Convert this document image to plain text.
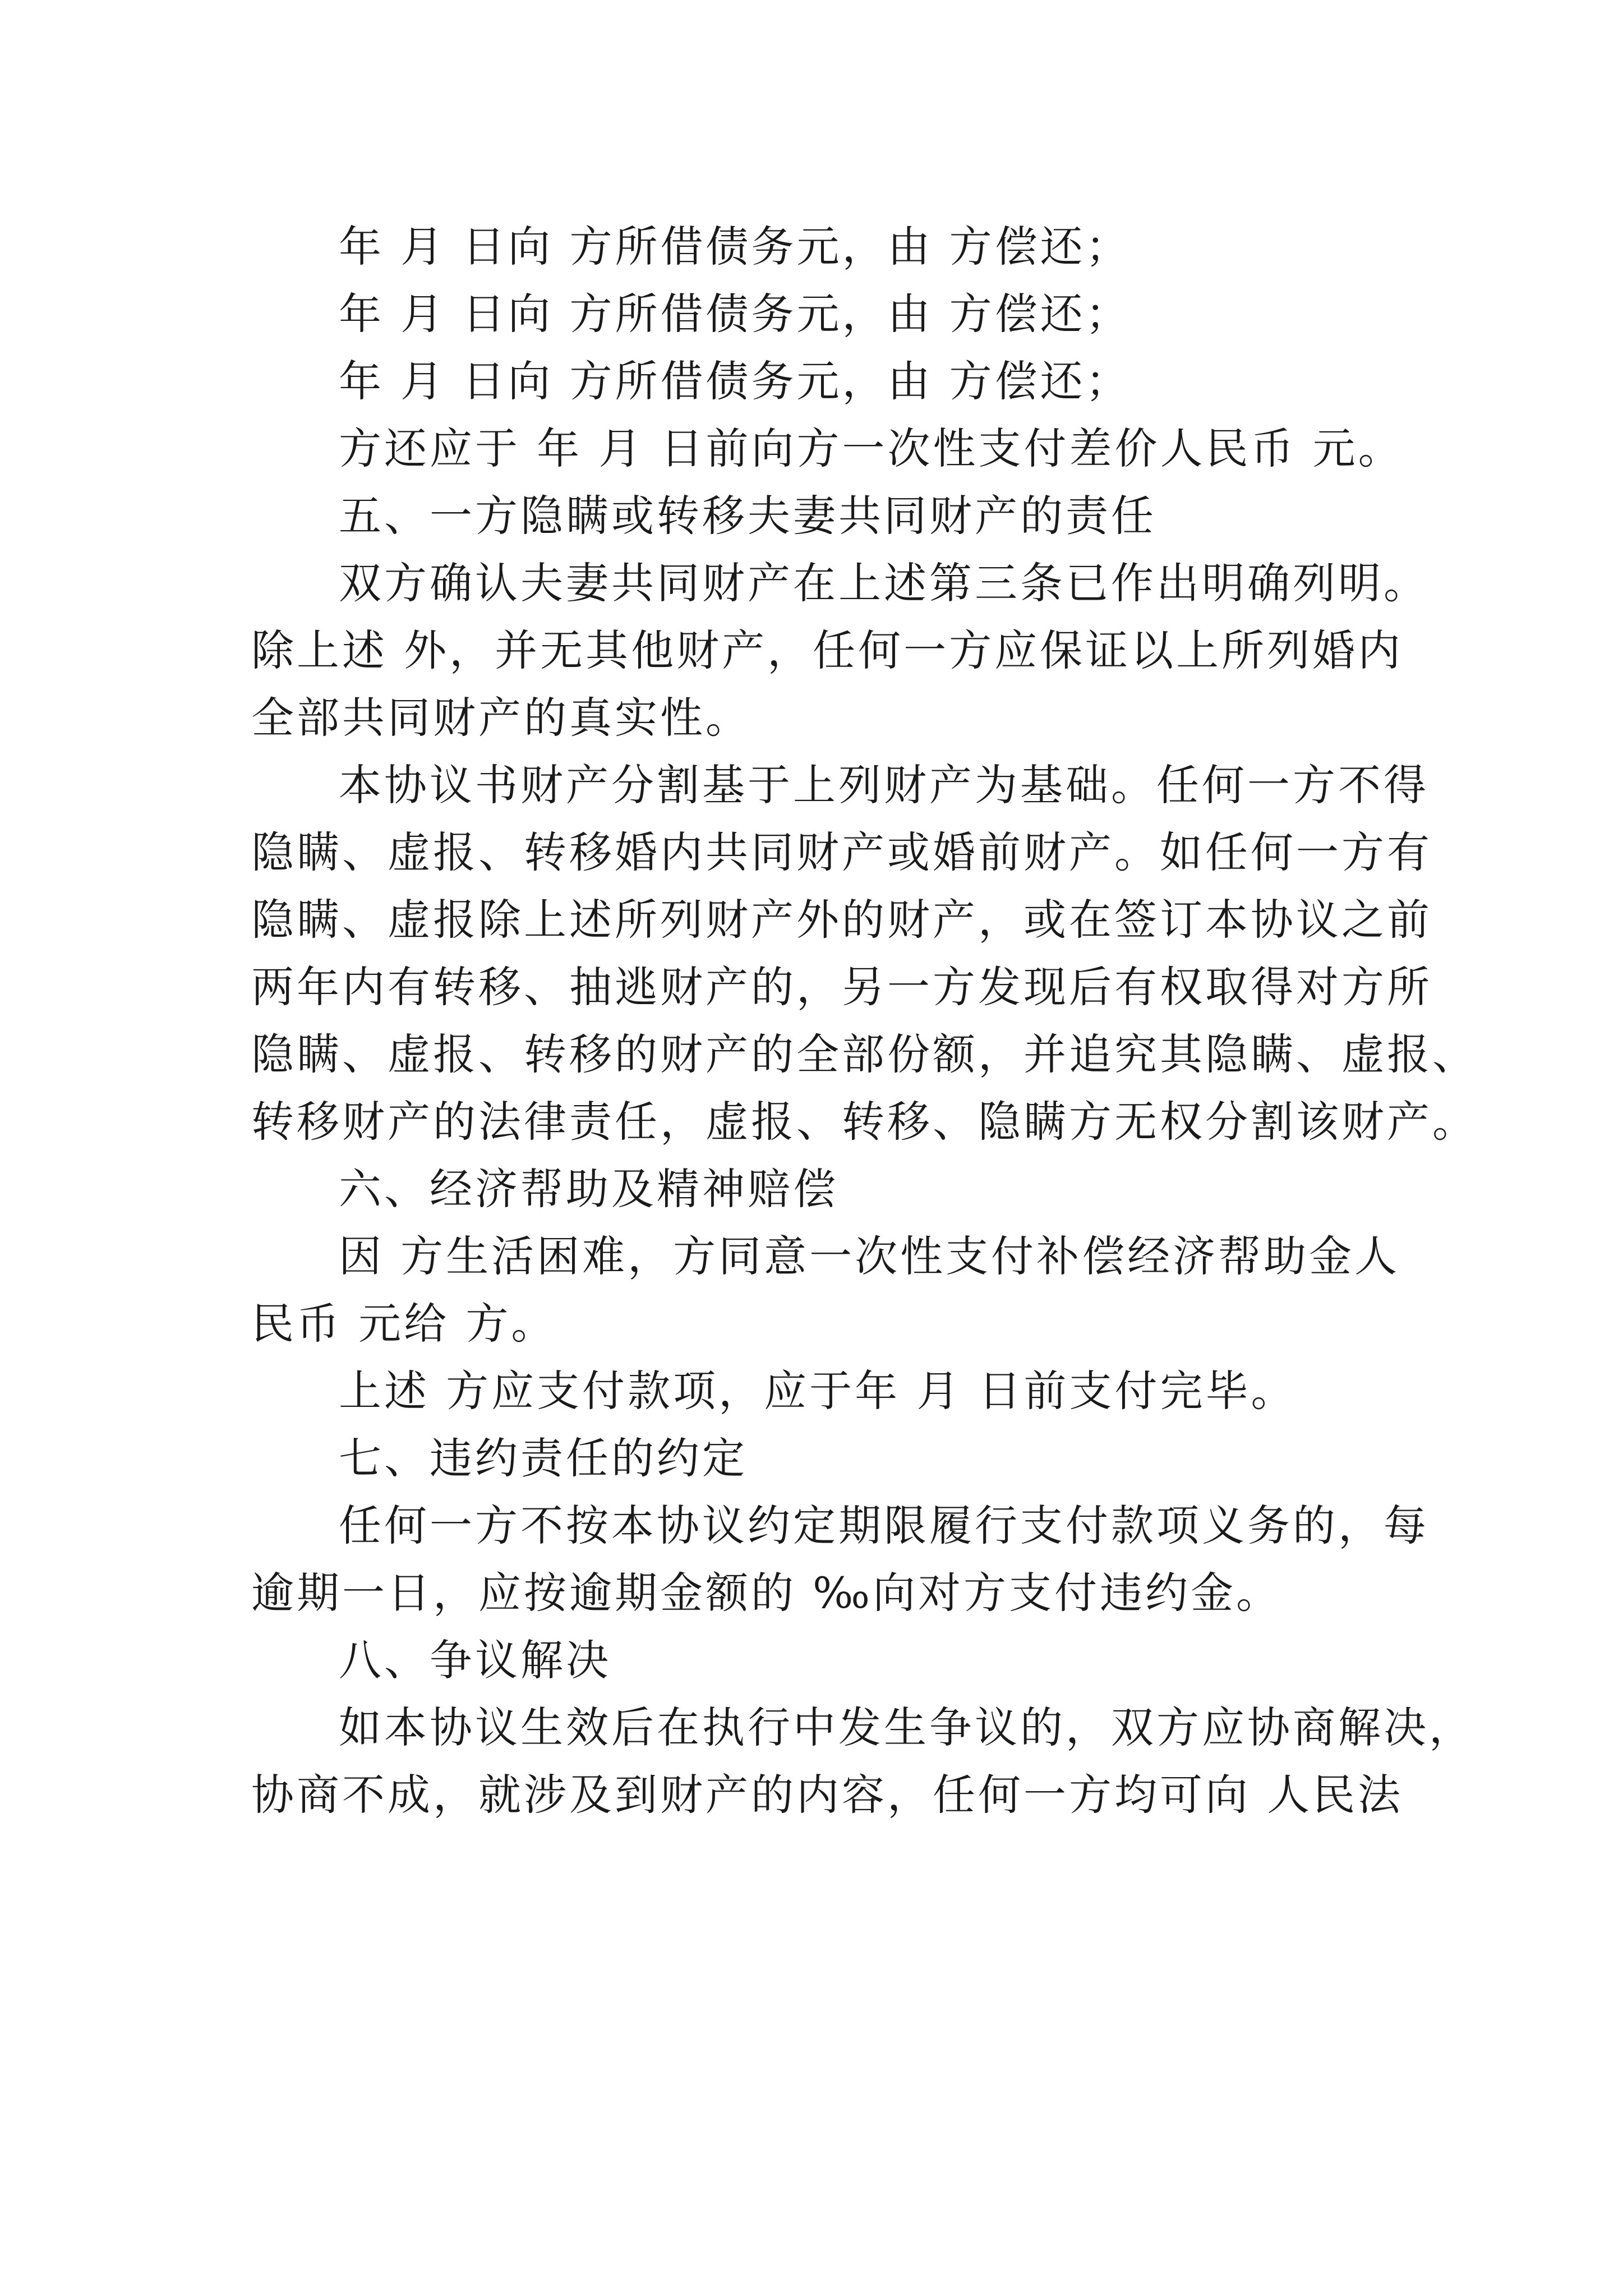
年 月 日向 方所借债务元，由 方偿还；
年 月 日向 方所借债务元，由 方偿还；
年 月 日向 方所借债务元，由 方偿还；
方还应于 年 月 日前向方一次性支付差价人民币 元。
五、一方隐瞒或转移夫妻共同财产的责任
双方确认夫妻共同财产在上述第三条已作出明确列明。
除上述 外，并无其他财产，任何一方应保证以上所列婚内
全部共同财产的真实性。
本协议书财产分割基于上列财产为基础。任何一方不得
隐瞒、虚报、转移婚内共同财产或婚前财产。如任何一方有
隐瞒、虚报除上述所列财产外的财产，或在签订本协议之前
两年内有转移、抽逃财产的，另一方发现后有权取得对方所
隐瞒、虚报、转移的财产的全部份额，并追究其隐瞒、虚报、
转移财产的法律责任，虚报、转移、隐瞒方无权分割该财产。
六、经济帮助及精神赔偿
因 方生活困难，方同意一次性支付补偿经济帮助金人
民币 元给 方。
上述 方应支付款项，应于年 月 日前支付完毕。
七、违约责任的约定
任何一方不按本协议约定期限履行支付款项义务的，每
逾期一日，应按逾期金额的 ‰向对方支付违约金。
八、争议解决
如本协议生效后在执行中发生争议的，双方应协商解决，
协商不成，就涉及到财产的内容，任何一方均可向 人民法
